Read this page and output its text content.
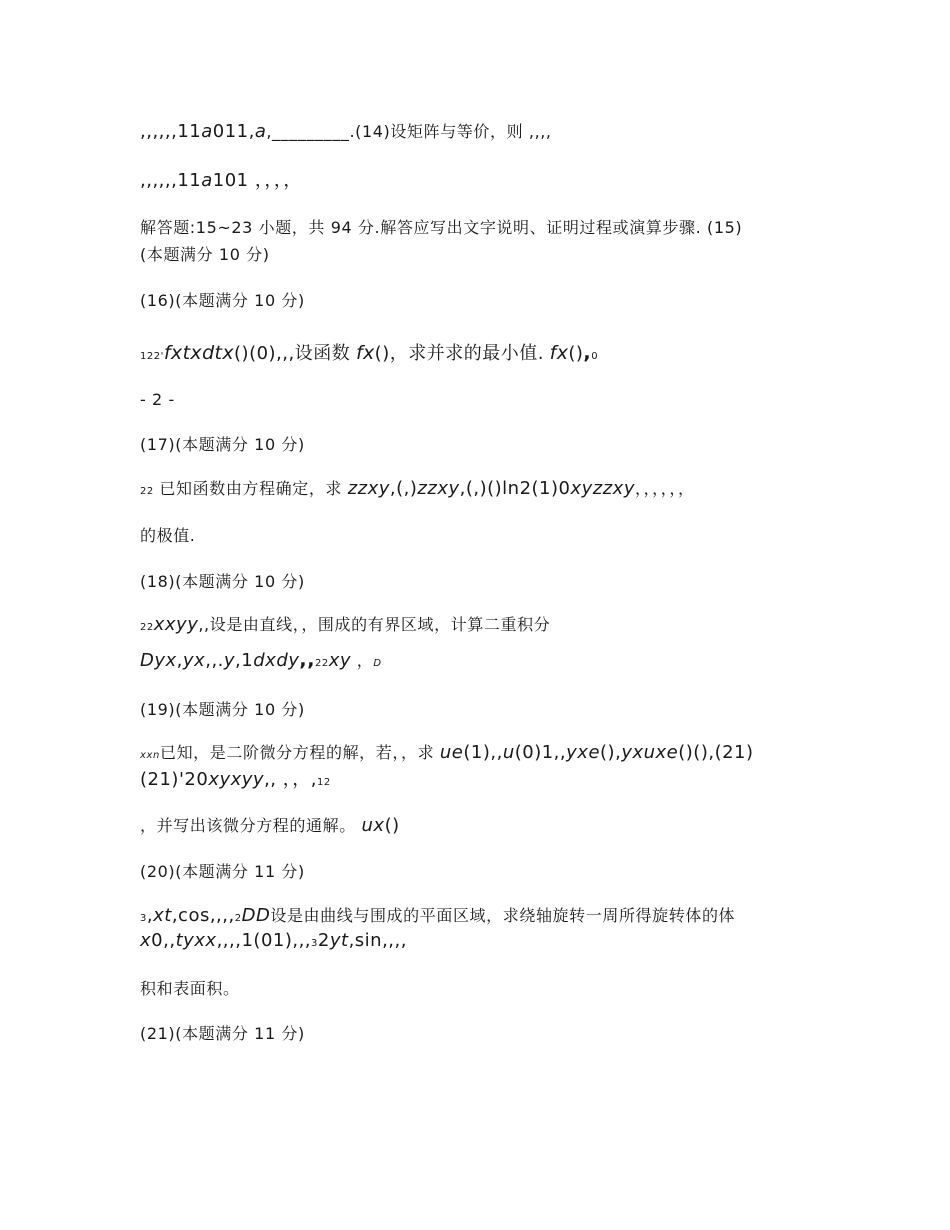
,,,,,,11a011,a,_________.(14)设矩阵与等价，则 ,,,,
,,,,,,11a101 ，，，，
解答题:15~23 小题，共 94 分.解答应写出文字说明、证明过程或演算步骤. (15)
(本题满分 10 分)
(16)(本题满分 10 分)
122'fxtxdtx()(0),,,设函数 fx()，求并求的最小值. fx(),0
- 2 -
(17)(本题满分 10 分)
22 已知函数由方程确定，求 zzxy,(,)zzxy,(,)()ln2(1)0xyzzxy，，，，，，
的极值.
(18)(本题满分 10 分)
22xxyy,,设是由直线，，围成的有界区域，计算二重积分
Dyx,yx,,.y,1dxdy,,22xy ，D
(19)(本题满分 10 分)
xxn已知，是二阶微分方程的解，若，，求 ue(1),,u(0)1,,yxe(),yxuxe()(),(21)
(21)'20xyxyy,, ，，,12
，并写出该微分方程的通解。 ux()
(20)(本题满分 11 分)
3,xt,cos,,,,2DD设是由曲线与围成的平面区域，求绕轴旋转一周所得旋转体的体
x0,,tyxx,,,,1(01),,,32yt,sin,,,,
积和表面积。
(21)(本题满分 11 分)
